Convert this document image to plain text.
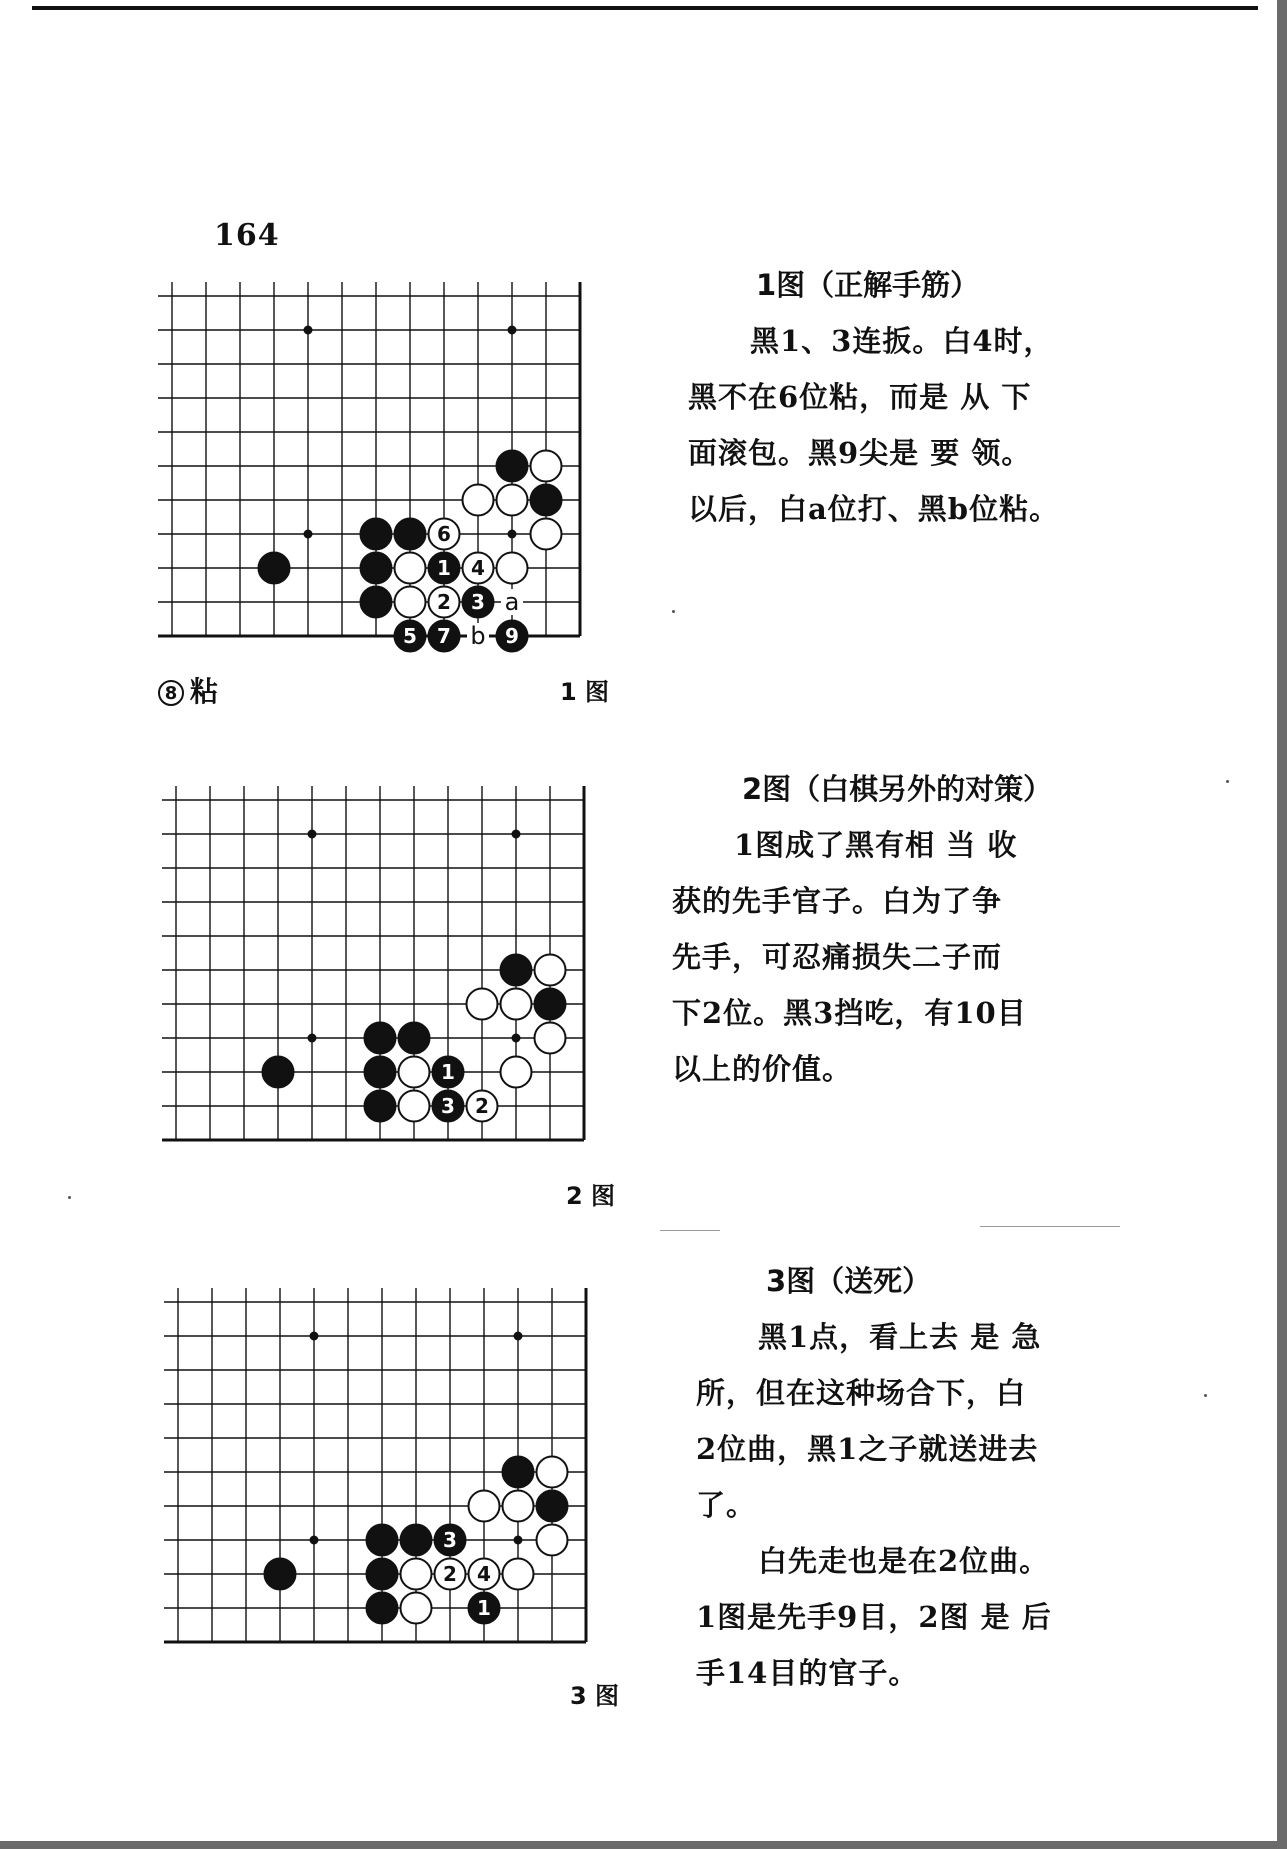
164
6
1 4
2 3
5 7	9
a
b
8 粘	1 图
1图（正解手筋）
黑1、3连扳。白4时，
黑不在6位粘，而是 从 下
面滚包。黑9尖是 要 领。
以后，白a位打、黑b位粘。
1
3 2
2 图
2图（白棋另外的对策）
1图成了黑有相 当 收
获的先手官子。白为了争
先手，可忍痛损失二子而
下2位。黑3挡吃，有10目
以上的价值。
3
2 4
1
3 图
3图（送死）
黑1点，看上去 是 急
所，但在这种场合下，白
2位曲，黑1之子就送进去
了。
白先走也是在2位曲。
1图是先手9目，2图 是 后
手14目的官子。
